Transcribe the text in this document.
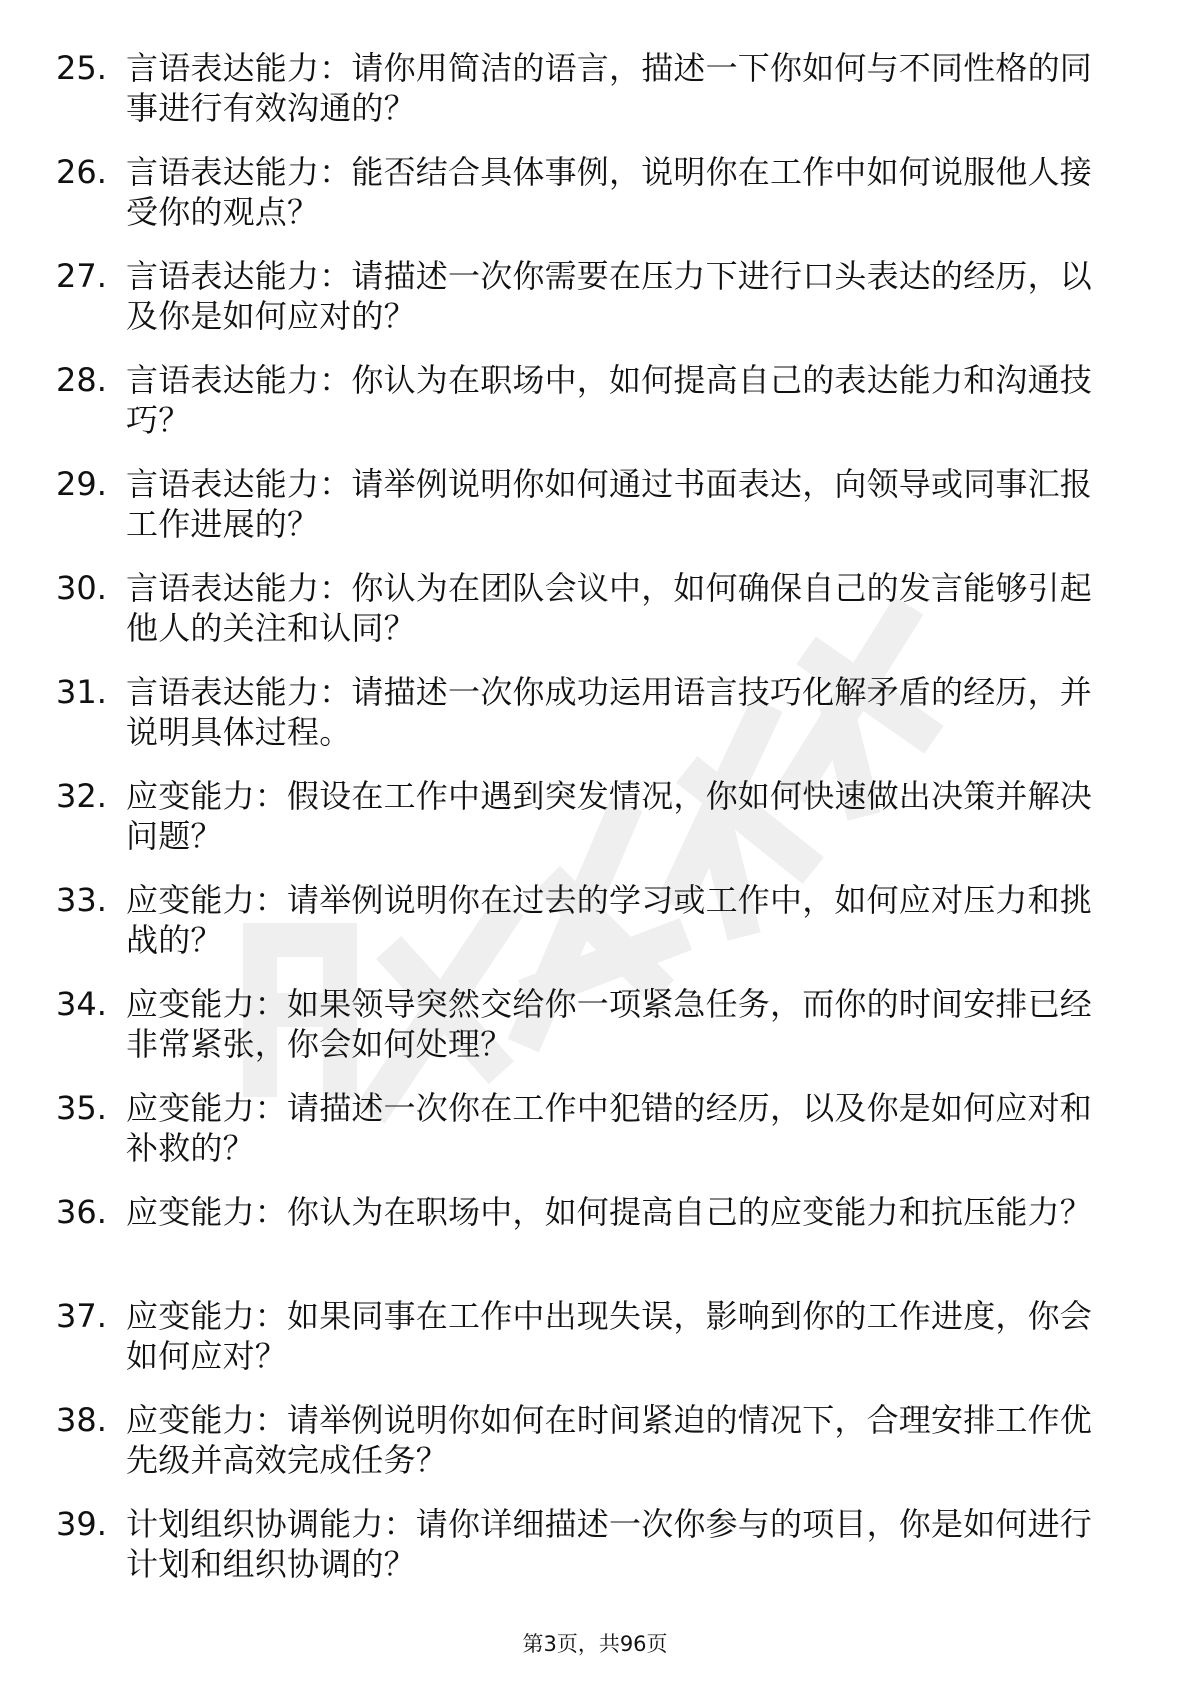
25. 言语表达能力：请你用简洁的语言，描述一下你如何与不同性格的同事进行有效沟通的？
26. 言语表达能力：能否结合具体事例，说明你在工作中如何说服他人接受你的观点？
27. 言语表达能力：请描述一次你需要在压力下进行口头表达的经历，以及你是如何应对的？
28. 言语表达能力：你认为在职场中，如何提高自己的表达能力和沟通技巧？
29. 言语表达能力：请举例说明你如何通过书面表达，向领导或同事汇报工作进展的？
30. 言语表达能力：你认为在团队会议中，如何确保自己的发言能够引起他人的关注和认同？
31. 言语表达能力：请描述一次你成功运用语言技巧化解矛盾的经历，并说明具体过程。
32. 应变能力：假设在工作中遇到突发情况，你如何快速做出决策并解决问题？
33. 应变能力：请举例说明你在过去的学习或工作中，如何应对压力和挑战的？
34. 应变能力：如果领导突然交给你一项紧急任务，而你的时间安排已经非常紧张，你会如何处理？
35. 应变能力：请描述一次你在工作中犯错的经历，以及你是如何应对和补救的？
36. 应变能力：你认为在职场中，如何提高自己的应变能力和抗压能力？
37. 应变能力：如果同事在工作中出现失误，影响到你的工作进度，你会如何应对？
38. 应变能力：请举例说明你如何在时间紧迫的情况下，合理安排工作优先级并高效完成任务？
39. 计划组织协调能力：请你详细描述一次你参与的项目，你是如何进行计划和组织协调的？
第3页，共96页
